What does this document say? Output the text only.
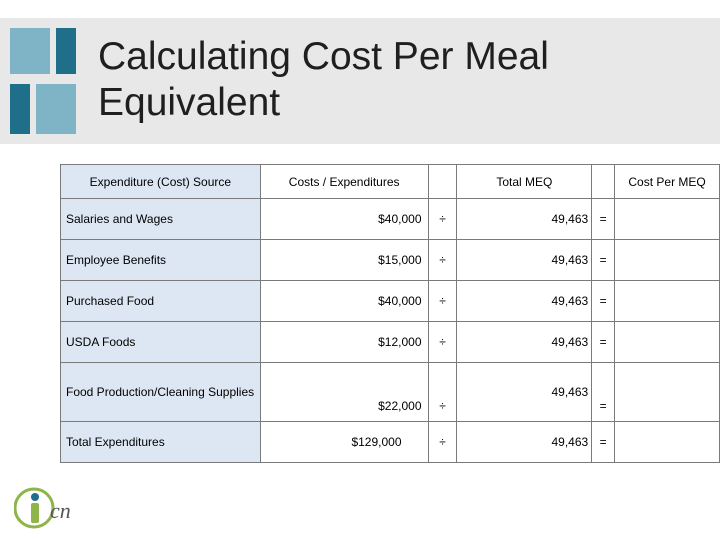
Calculating Cost Per Meal
Equivalent
Expenditure (Cost) Source	Costs / Expenditures		Total MEQ		Cost Per MEQ
Salaries and Wages	$40,000	÷	49,463	=	
Employee Benefits	$15,000	÷	49,463	=	
Purchased Food	$40,000	÷	49,463	=	
USDA Foods	$12,000	÷	49,463	=	
Food Production/Cleaning Supplies	$22,000	÷	49,463	=	
Total Expenditures	$129,000	÷	49,463	=	
cn
